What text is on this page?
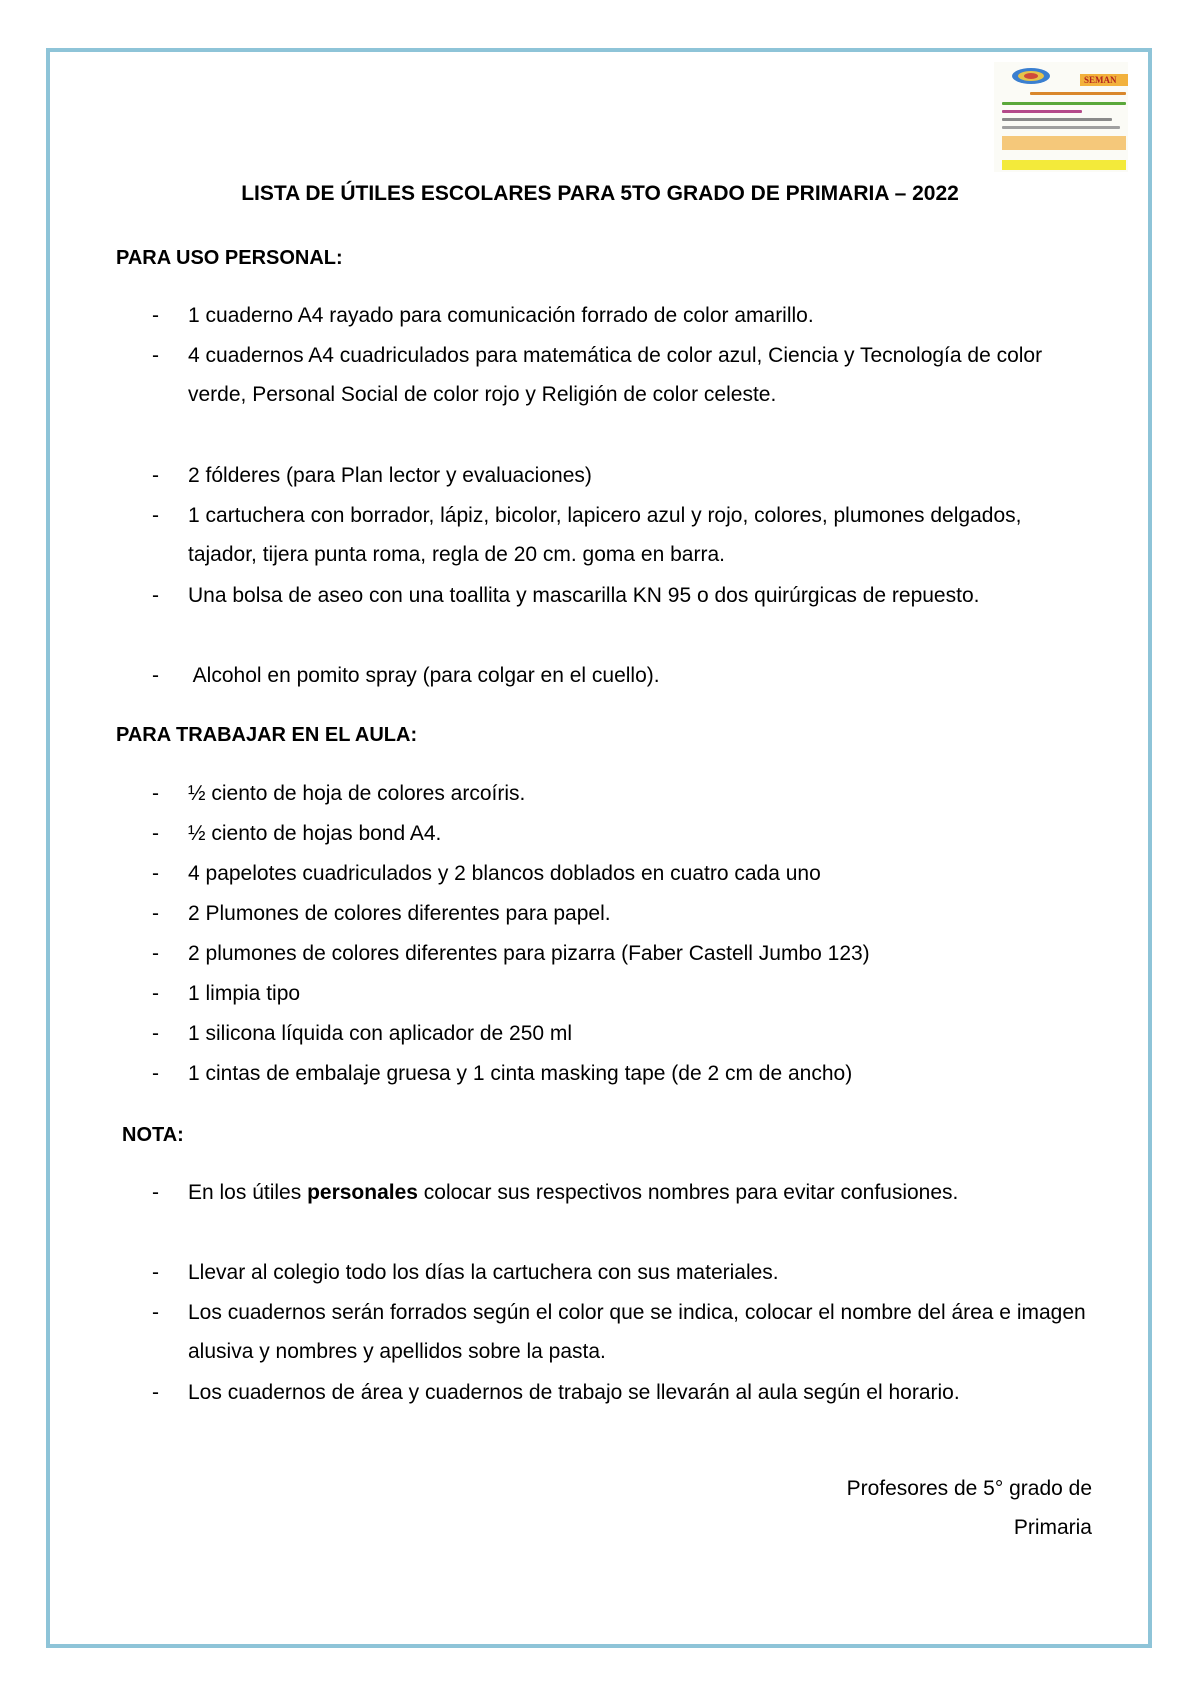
SEMAN
LISTA DE ÚTILES ESCOLARES PARA 5TO GRADO DE PRIMARIA – 2022
PARA USO PERSONAL:

- 1 cuaderno A4 rayado para comunicación forrado de color amarillo.

- 4 cuadernos A4 cuadriculados para matemática de color azul, Ciencia y Tecnología de color verde, Personal Social de color rojo y Religión de color celeste.

- 2 fólderes (para Plan lector y evaluaciones)

- 1 cartuchera con borrador, lápiz, bicolor, lapicero azul y rojo, colores, plumones delgados, tajador, tijera punta roma, regla de 20 cm. goma en barra.

- Una bolsa de aseo con una toallita y mascarilla KN 95 o dos quirúrgicas de repuesto.

- Alcohol en pomito spray (para colgar en el cuello).

PARA TRABAJAR EN EL AULA:

- ½ ciento de hoja de colores arcoíris.

- ½ ciento de hojas bond A4.

- 4 papelotes cuadriculados y 2 blancos doblados en cuatro cada uno

- 2 Plumones de colores diferentes para papel.

- 2 plumones de colores diferentes para pizarra (Faber Castell Jumbo 123)

- 1 limpia tipo

- 1 silicona líquida con aplicador de 250 ml

- 1 cintas de embalaje gruesa y 1 cinta masking tape (de 2 cm de ancho)

NOTA:

- En los útiles personales colocar sus respectivos nombres para evitar confusiones.

- Llevar al colegio todo los días la cartuchera con sus materiales.

- Los cuadernos serán forrados según el color que se indica, colocar el nombre del área e imagen alusiva y nombres y apellidos sobre la pasta.

- Los cuadernos de área y cuadernos de trabajo se llevarán al aula según el horario.

Profesores de 5° grado de

Primaria
